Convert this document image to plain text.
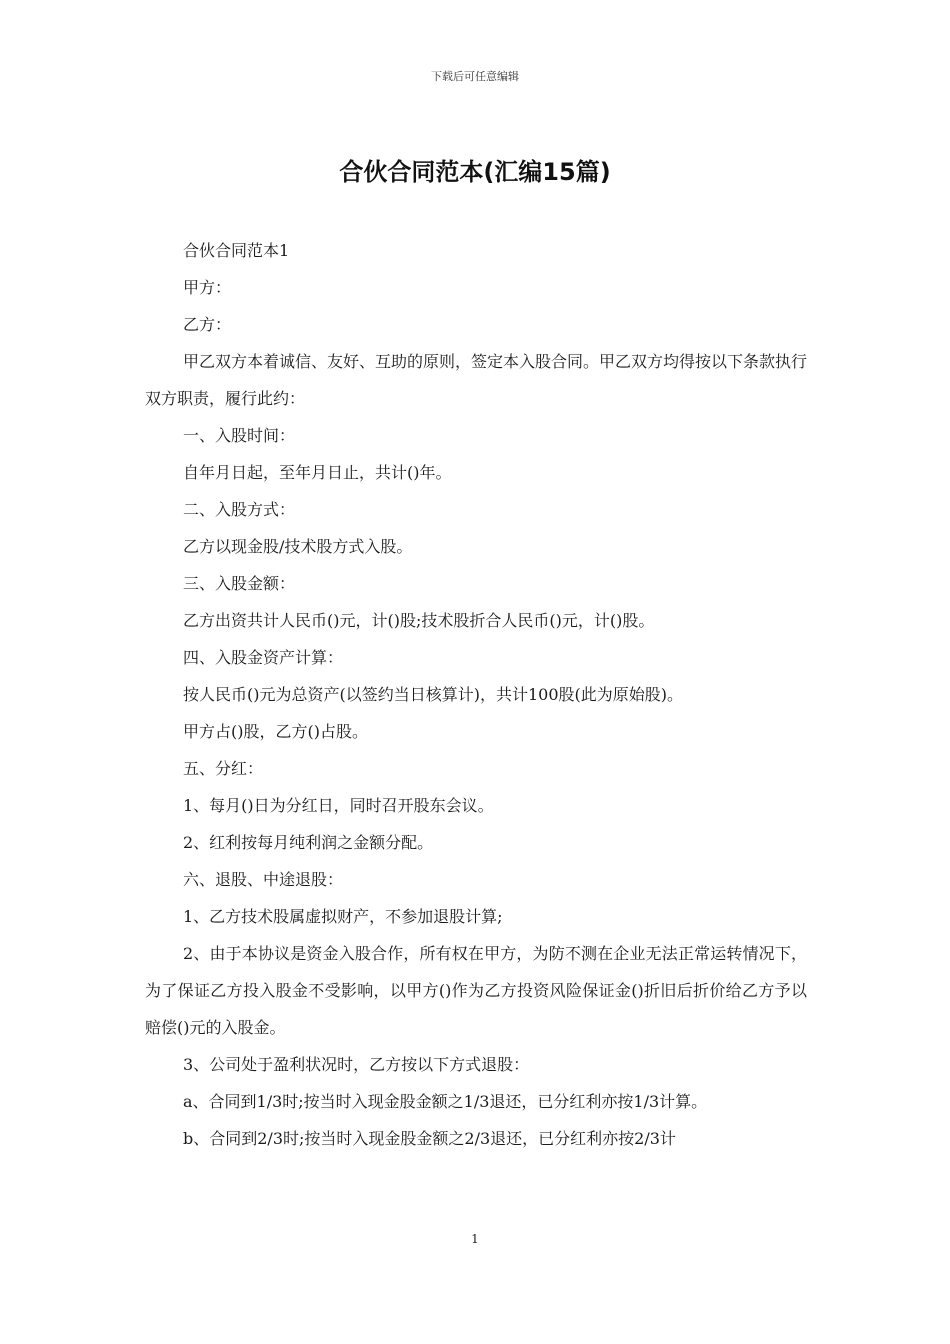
下载后可任意编辑
合伙合同范本(汇编15篇)

合伙合同范本1

甲方：

乙方：

甲乙双方本着诚信、友好、互助的原则，签定本入股合同。甲乙双方均得按以下条款执行双方职责，履行此约：

一、入股时间：

自年月日起，至年月日止，共计()年。

二、入股方式：

乙方以现金股/技术股方式入股。

三、入股金额：

乙方出资共计人民币()元，计()股;技术股折合人民币()元，计()股。

四、入股金资产计算：

按人民币()元为总资产(以签约当日核算计)，共计100股(此为原始股)。

甲方占()股，乙方()占股。

五、分红：

1、每月()日为分红日，同时召开股东会议。

2、红利按每月纯利润之金额分配。

六、退股、中途退股：

1、乙方技术股属虚拟财产，不参加退股计算;

2、由于本协议是资金入股合作，所有权在甲方，为防不测在企业无法正常运转情况下，为了保证乙方投入股金不受影响，以甲方()作为乙方投资风险保证金()折旧后折价给乙方予以赔偿()元的入股金。

3、公司处于盈利状况时，乙方按以下方式退股：

a、合同到1/3时;按当时入现金股金额之1/3退还，已分红利亦按1/3计算。

b、合同到2/3时;按当时入现金股金额之2/3退还，已分红利亦按2/3计

1
